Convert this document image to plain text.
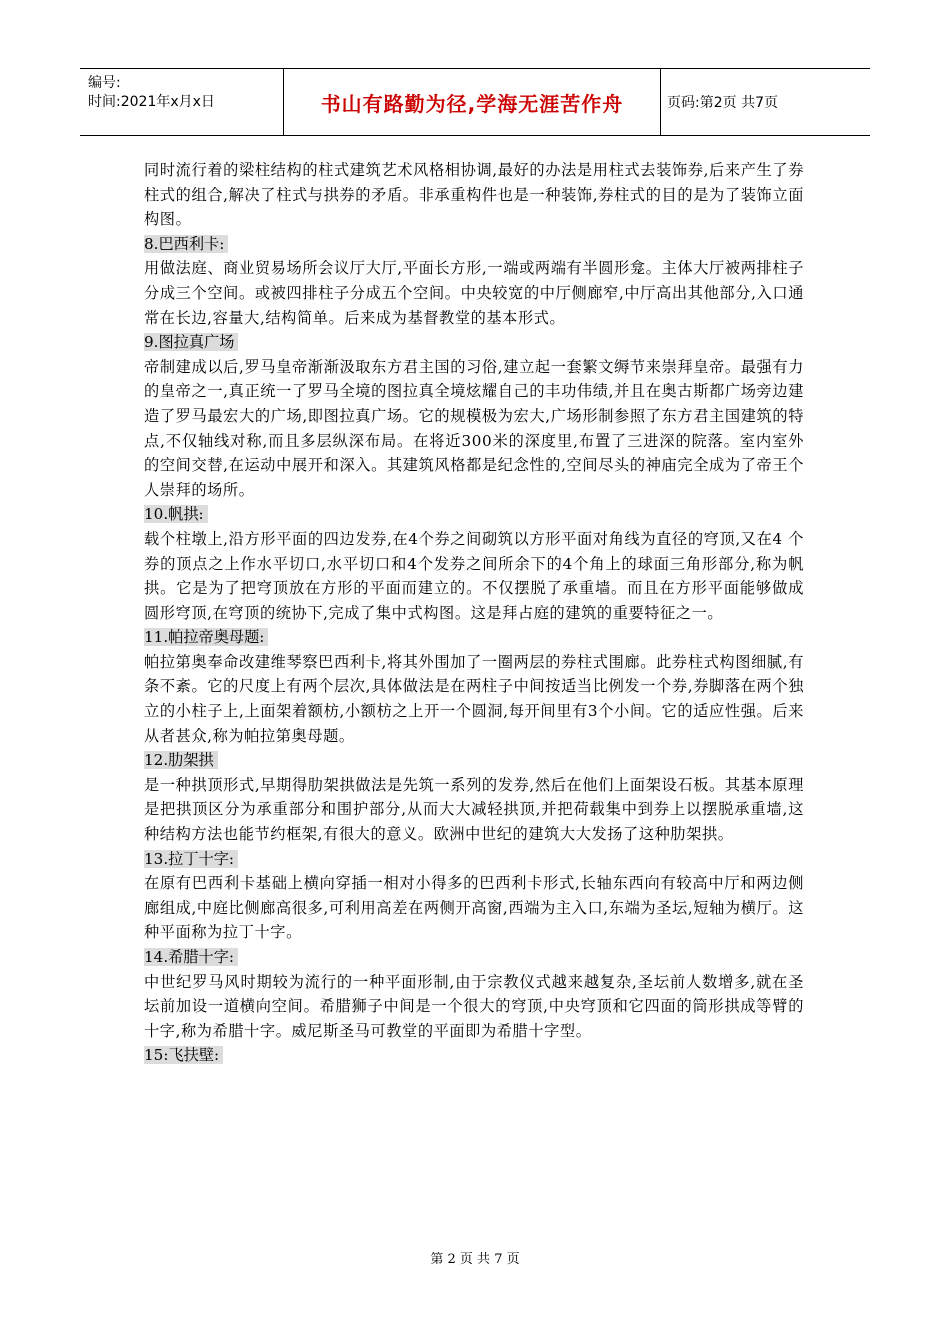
编号:
时间:2021年x月x日	书山有路勤为径,学海无涯苦作舟	页码:第2页 共7页

同时流行着的梁柱结构的柱式建筑艺术风格相协调,最好的办法是用柱式去装饰券,后来产生了券柱式的组合,解决了柱式与拱券的矛盾。非承重构件也是一种装饰,券柱式的目的是为了装饰立面构图。

8.巴西利卡:

用做法庭、商业贸易场所会议厅大厅,平面长方形,一端或两端有半圆形龛。主体大厅被两排柱子分成三个空间。或被四排柱子分成五个空间。中央较宽的中厅侧廊窄,中厅高出其他部分,入口通常在长边,容量大,结构简单。后来成为基督教堂的基本形式。

9.图拉真广场

帝制建成以后,罗马皇帝渐渐汲取东方君主国的习俗,建立起一套繁文缛节来崇拜皇帝。最强有力的皇帝之一,真正统一了罗马全境的图拉真全境炫耀自己的丰功伟绩,并且在奥古斯都广场旁边建造了罗马最宏大的广场,即图拉真广场。它的规模极为宏大,广场形制参照了东方君主国建筑的特点,不仅轴线对称,而且多层纵深布局。在将近300米的深度里,布置了三进深的院落。室内室外的空间交替,在运动中展开和深入。其建筑风格都是纪念性的,空间尽头的神庙完全成为了帝王个人崇拜的场所。

10.帆拱:

载个柱墩上,沿方形平面的四边发券,在4个券之间砌筑以方形平面对角线为直径的穹顶,又在4 个券的顶点之上作水平切口,水平切口和4个发券之间所余下的4个角上的球面三角形部分,称为帆拱。它是为了把穹顶放在方形的平面而建立的。不仅摆脱了承重墙。而且在方形平面能够做成圆形穹顶,在穹顶的统协下,完成了集中式构图。这是拜占庭的建筑的重要特征之一。

11.帕拉帝奥母题:

帕拉第奥奉命改建维琴察巴西利卡,将其外围加了一圈两层的券柱式围廊。此券柱式构图细腻,有条不紊。它的尺度上有两个层次,具体做法是在两柱子中间按适当比例发一个券,券脚落在两个独立的小柱子上,上面架着额枋,小额枋之上开一个圆洞,每开间里有3个小间。它的适应性强。后来从者甚众,称为帕拉第奥母题。

12.肋架拱

是一种拱顶形式,早期得肋架拱做法是先筑一系列的发券,然后在他们上面架设石板。其基本原理是把拱顶区分为承重部分和围护部分,从而大大减轻拱顶,并把荷载集中到券上以摆脱承重墙,这种结构方法也能节约框架,有很大的意义。欧洲中世纪的建筑大大发扬了这种肋架拱。

13.拉丁十字:

在原有巴西利卡基础上横向穿插一相对小得多的巴西利卡形式,长轴东西向有较高中厅和两边侧廊组成,中庭比侧廊高很多,可利用高差在两侧开高窗,西端为主入口,东端为圣坛,短轴为横厅。这种平面称为拉丁十字。

14.希腊十字:

中世纪罗马风时期较为流行的一种平面形制,由于宗教仪式越来越复杂,圣坛前人数增多,就在圣坛前加设一道横向空间。希腊狮子中间是一个很大的穹顶,中央穹顶和它四面的筒形拱成等臂的十字,称为希腊十字。威尼斯圣马可教堂的平面即为希腊十字型。

15:飞扶壁:
第 2 页 共 7 页
